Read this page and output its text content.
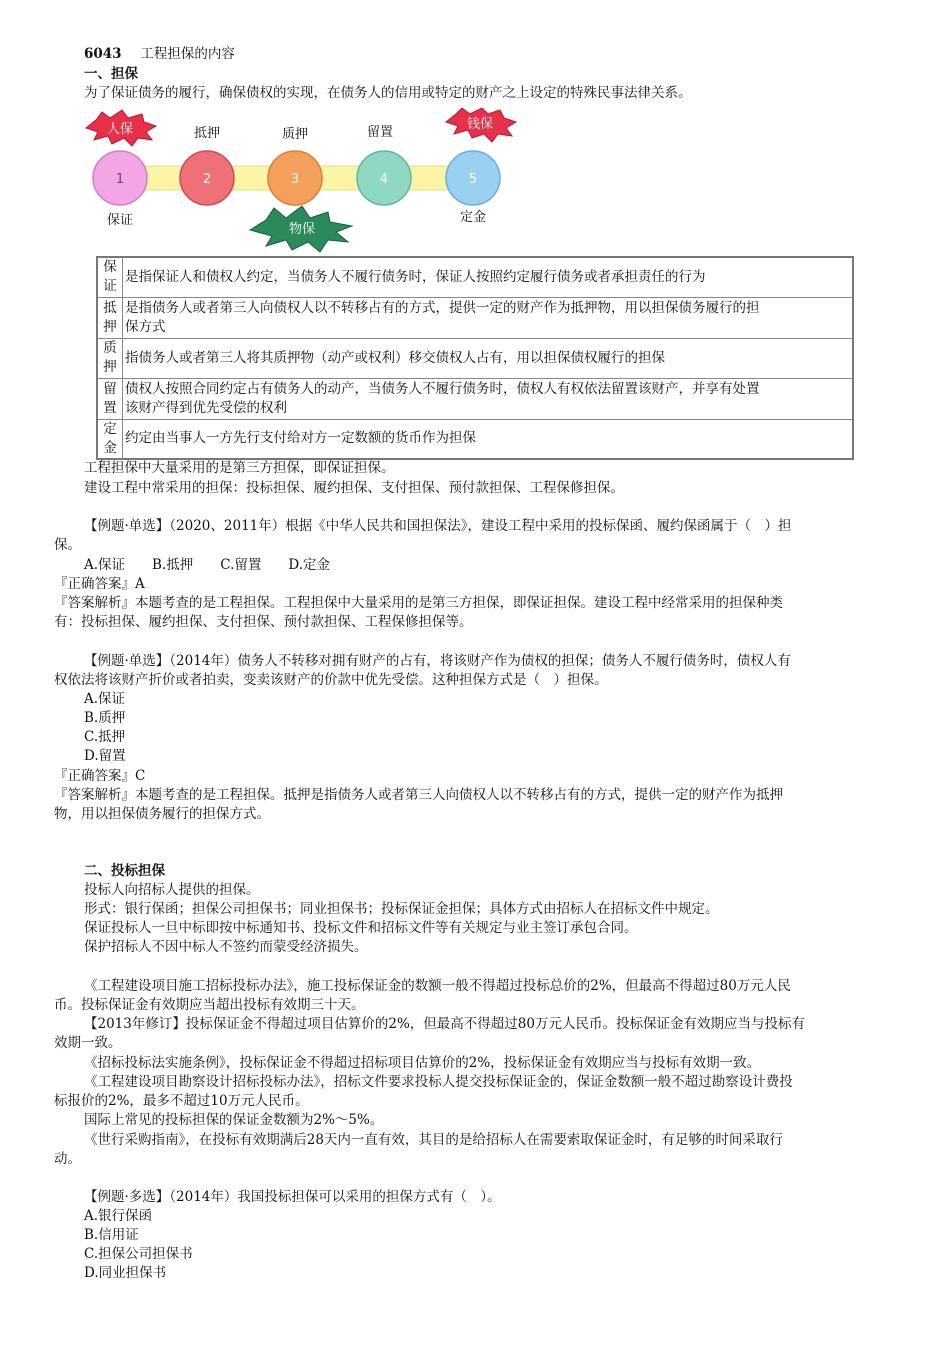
6043 工程担保的内容
一、担保
为了保证债务的履行，确保债权的实现，在债务人的信用或特定的财产之上设定的特殊民事法律关系。
1	2	3	4	5
人保	钱保
抵押	质押	留置
保证	定金
物保
保证	是指保证人和债权人约定，当债务人不履行债务时，保证人按照约定履行债务或者承担责任的行为
抵押	是指债务人或者第三人向债权人以不转移占有的方式，提供一定的财产作为抵押物，用以担保债务履行的担
保方式

质押	指债务人或者第三人将其质押物（动产或权利）移交债权人占有，用以担保债权履行的担保
留置	债权人按照合同约定占有债务人的动产，当债务人不履行债务时，债权人有权依法留置该财产，并享有处置
该财产得到优先受偿的权利

定金	约定由当事人一方先行支付给对方一定数额的货币作为担保
工程担保中大量采用的是第三方担保，即保证担保。
建设工程中常采用的担保：投标担保、履约担保、支付担保、预付款担保、工程保修担保。
【例题·单选】（2020、2011年）根据《中华人民共和国担保法》，建设工程中采用的投标保函、履约保函属于（　）担
保。
A.保证　　B.抵押　　C.留置　　D.定金
『正确答案』A
『答案解析』本题考查的是工程担保。工程担保中大量采用的是第三方担保，即保证担保。建设工程中经常采用的担保种类
有：投标担保、履约担保、支付担保、预付款担保、工程保修担保等。
【例题·单选】（2014年）债务人不转移对拥有财产的占有，将该财产作为债权的担保；债务人不履行债务时，债权人有
权依法将该财产折价或者拍卖，变卖该财产的价款中优先受偿。这种担保方式是（　）担保。
A.保证
B.质押
C.抵押
D.留置
『正确答案』C
『答案解析』本题考查的是工程担保。抵押是指债务人或者第三人向债权人以不转移占有的方式，提供一定的财产作为抵押
物，用以担保债务履行的担保方式。
二、投标担保
投标人向招标人提供的担保。
形式：银行保函；担保公司担保书；同业担保书；投标保证金担保；具体方式由招标人在招标文件中规定。
保证投标人一旦中标即按中标通知书、投标文件和招标文件等有关规定与业主签订承包合同。
保护招标人不因中标人不签约而蒙受经济损失。
《工程建设项目施工招标投标办法》，施工投标保证金的数额一般不得超过投标总价的2%，但最高不得超过80万元人民
币。投标保证金有效期应当超出投标有效期三十天。
【2013年修订】投标保证金不得超过项目估算价的2%，但最高不得超过80万元人民币。投标保证金有效期应当与投标有
效期一致。
《招标投标法实施条例》，投标保证金不得超过招标项目估算价的2%，投标保证金有效期应当与投标有效期一致。
《工程建设项目勘察设计招标投标办法》，招标文件要求投标人提交投标保证金的，保证金数额一般不超过勘察设计费投
标报价的2%，最多不超过10万元人民币。
国际上常见的投标担保的保证金数额为2%～5%。
《世行采购指南》，在投标有效期满后28天内一直有效，其目的是给招标人在需要索取保证金时，有足够的时间采取行
动。
【例题·多选】（2014年）我国投标担保可以采用的担保方式有（　）。
A.银行保函
B.信用证
C.担保公司担保书
D.同业担保书
